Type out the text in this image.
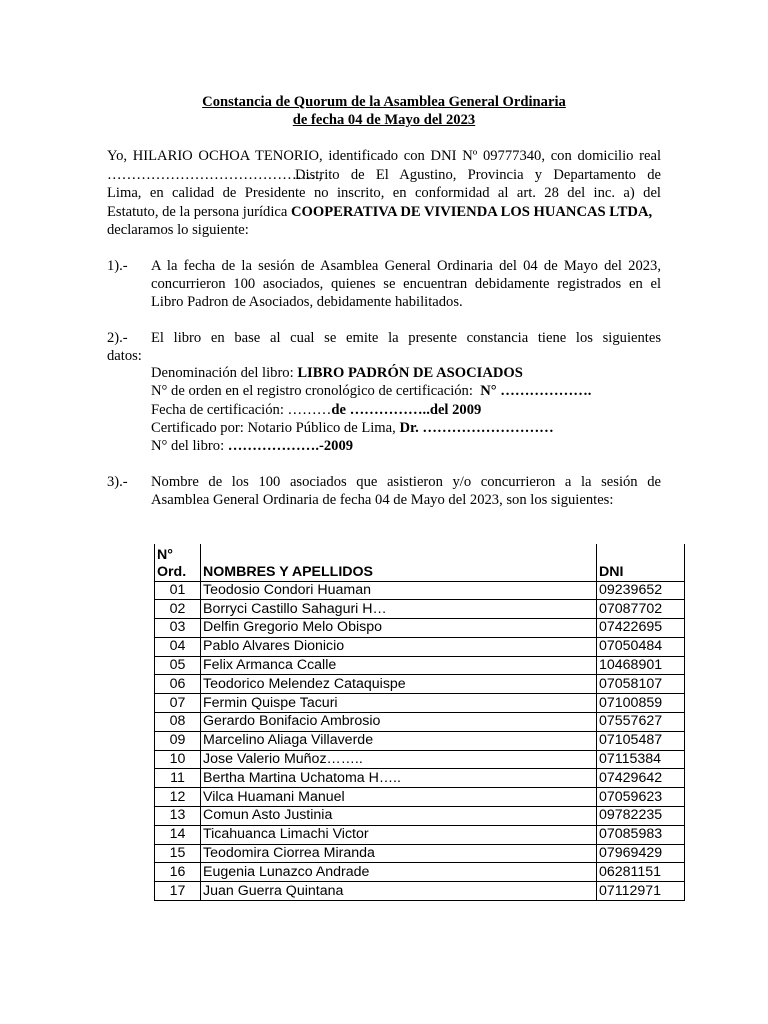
Constancia de Quorum de la Asamblea General Ordinaria
de fecha 04 de Mayo del 2023
Yo, HILARIO OCHOA TENORIO, identificado con DNI Nº 09777340, con domicilio real
……………………………………..,
Distrito de El Agustino, Provincia y Departamento de
Lima, en calidad de Presidente no inscrito, en conformidad al art. 28 del inc. a) del
Estatuto, de la persona jurídica COOPERATIVA DE VIVIENDA LOS HUANCAS LTDA,
declaramos lo siguiente:
1).- A la fecha de la sesión de Asamblea General Ordinaria del 04 de Mayo del 2023,
concurrieron 100 asociados, quienes se encuentran debidamente registrados en el
Libro Padron de Asociados, debidamente habilitados.
2).- El libro en base al cual se emite la presente constancia tiene los siguientes
datos:
Denominación del libro: LIBRO PADRÓN DE ASOCIADOS
N° de orden en el registro cronológico de certificación: N° ……………….
Fecha de certificación: ………de ……………..del 2009
Certificado por: Notario Público de Lima, Dr. ………………………
N° del libro: ……………….-2009
3).- Nombre de los 100 asociados que asistieron y/o concurrieron a la sesión de
Asamblea General Ordinaria de fecha 04 de Mayo del 2023, son los siguientes:
N°
Ord.	NOMBRES Y APELLIDOS	DNI
01	Teodosio Condori Huaman	09239652
02	Borryci Castillo Sahaguri H…	07087702
03	Delfin Gregorio Melo Obispo	07422695
04	Pablo Alvares Dionicio	07050484
05	Felix Armanca Ccalle	10468901
06	Teodorico Melendez Cataquispe	07058107
07	Fermin Quispe Tacuri	07100859
08	Gerardo Bonifacio Ambrosio	07557627
09	Marcelino Aliaga Villaverde	07105487
10	Jose Valerio Muñoz……..	07115384
11	Bertha Martina Uchatoma H…..	07429642
12	Vilca Huamani Manuel	07059623
13	Comun Asto Justinia	09782235
14	Ticahuanca Limachi Victor	07085983
15	Teodomira Ciorrea Miranda	07969429
16	Eugenia Lunazco Andrade	06281151
17	Juan Guerra Quintana	07112971
